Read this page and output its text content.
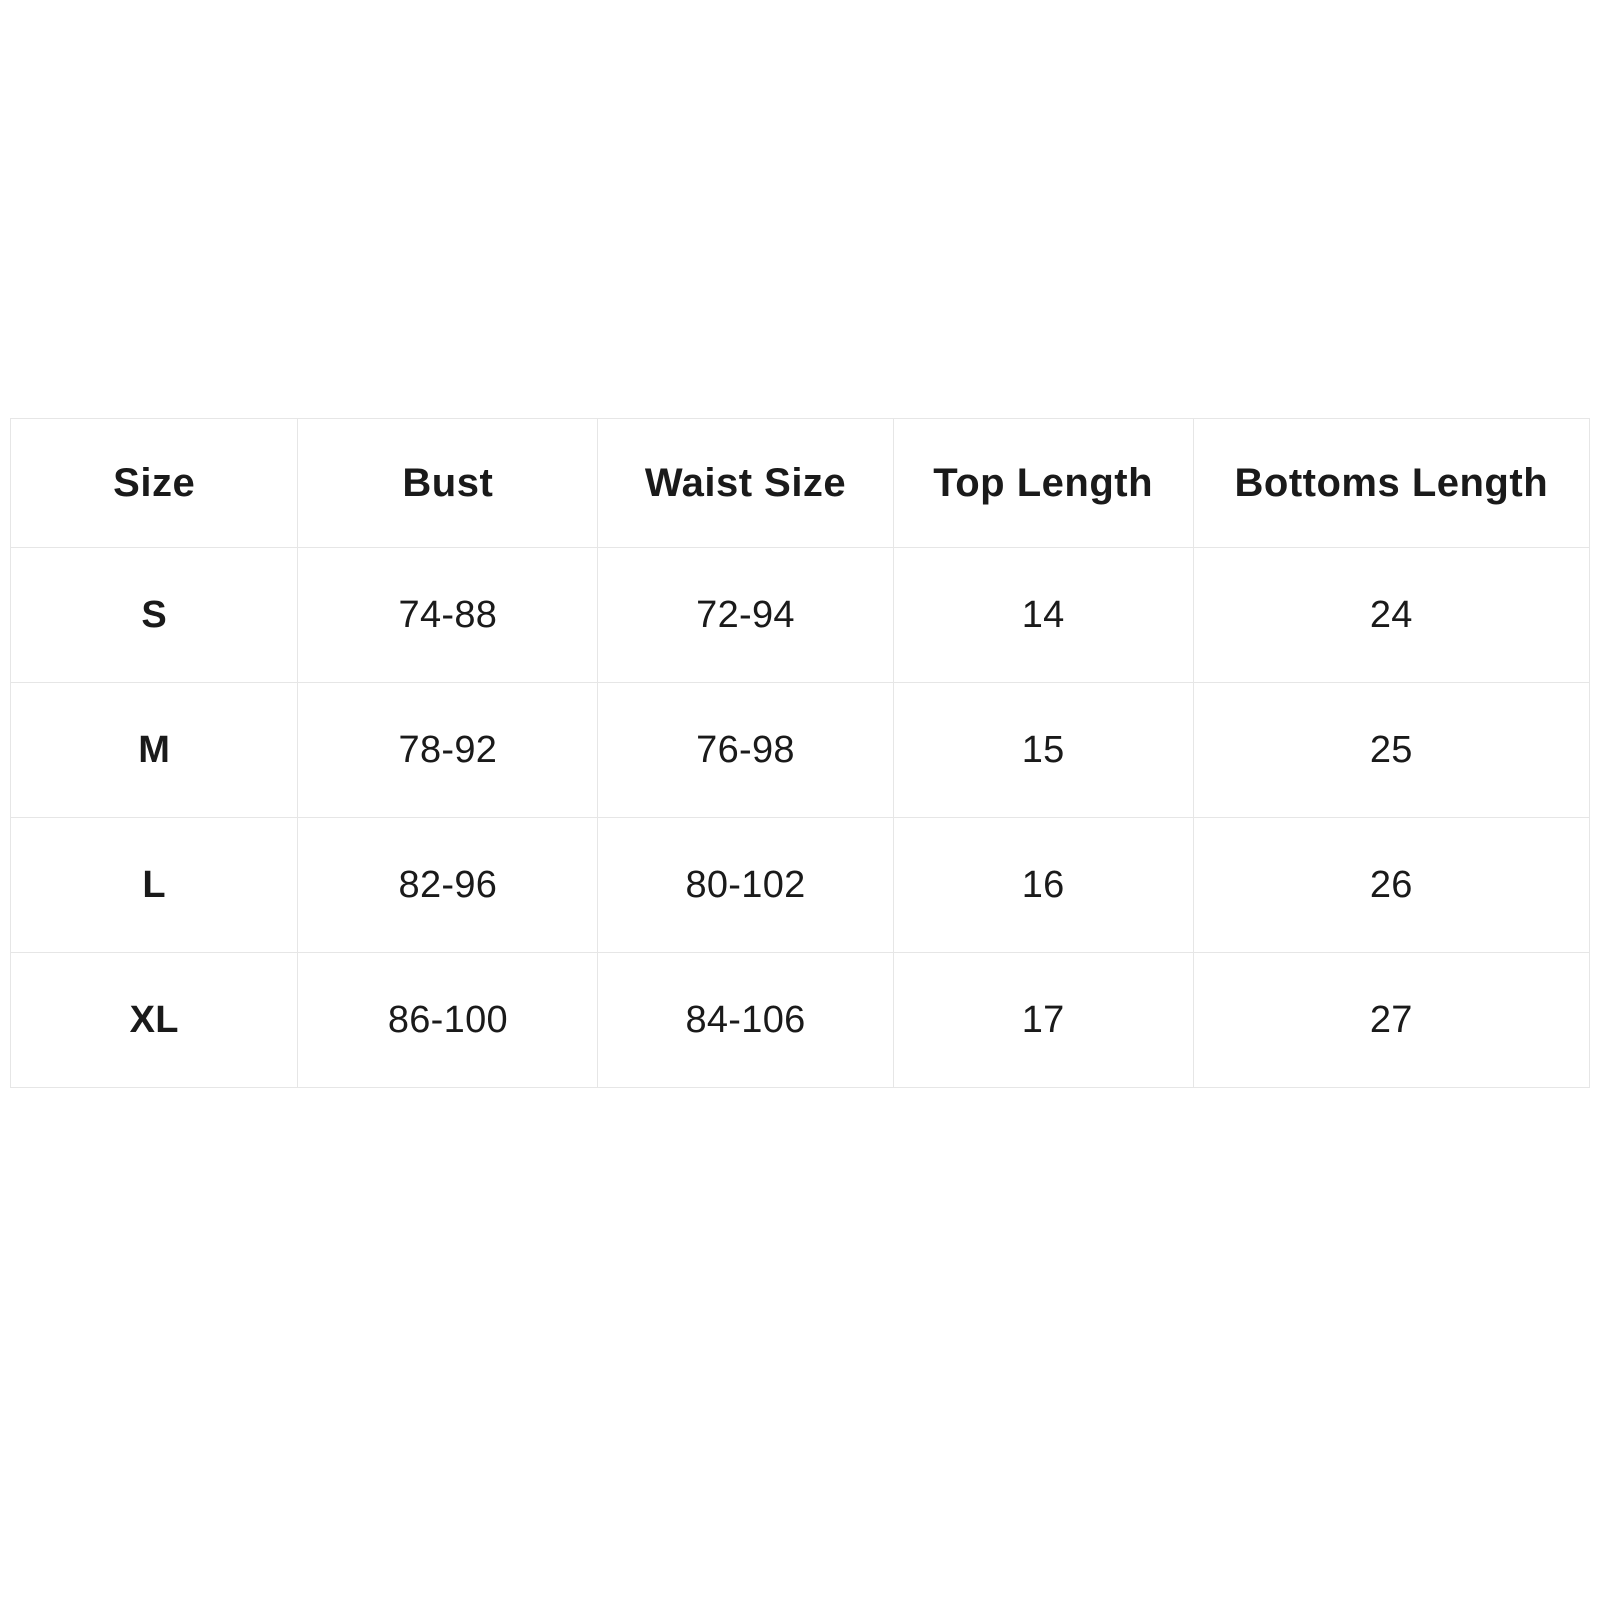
Size	Bust	Waist Size	Top Length	Bottoms Length
S	74-88	72-94	14	24
M	78-92	76-98	15	25
L	82-96	80-102	16	26
XL	86-100	84-106	17	27
